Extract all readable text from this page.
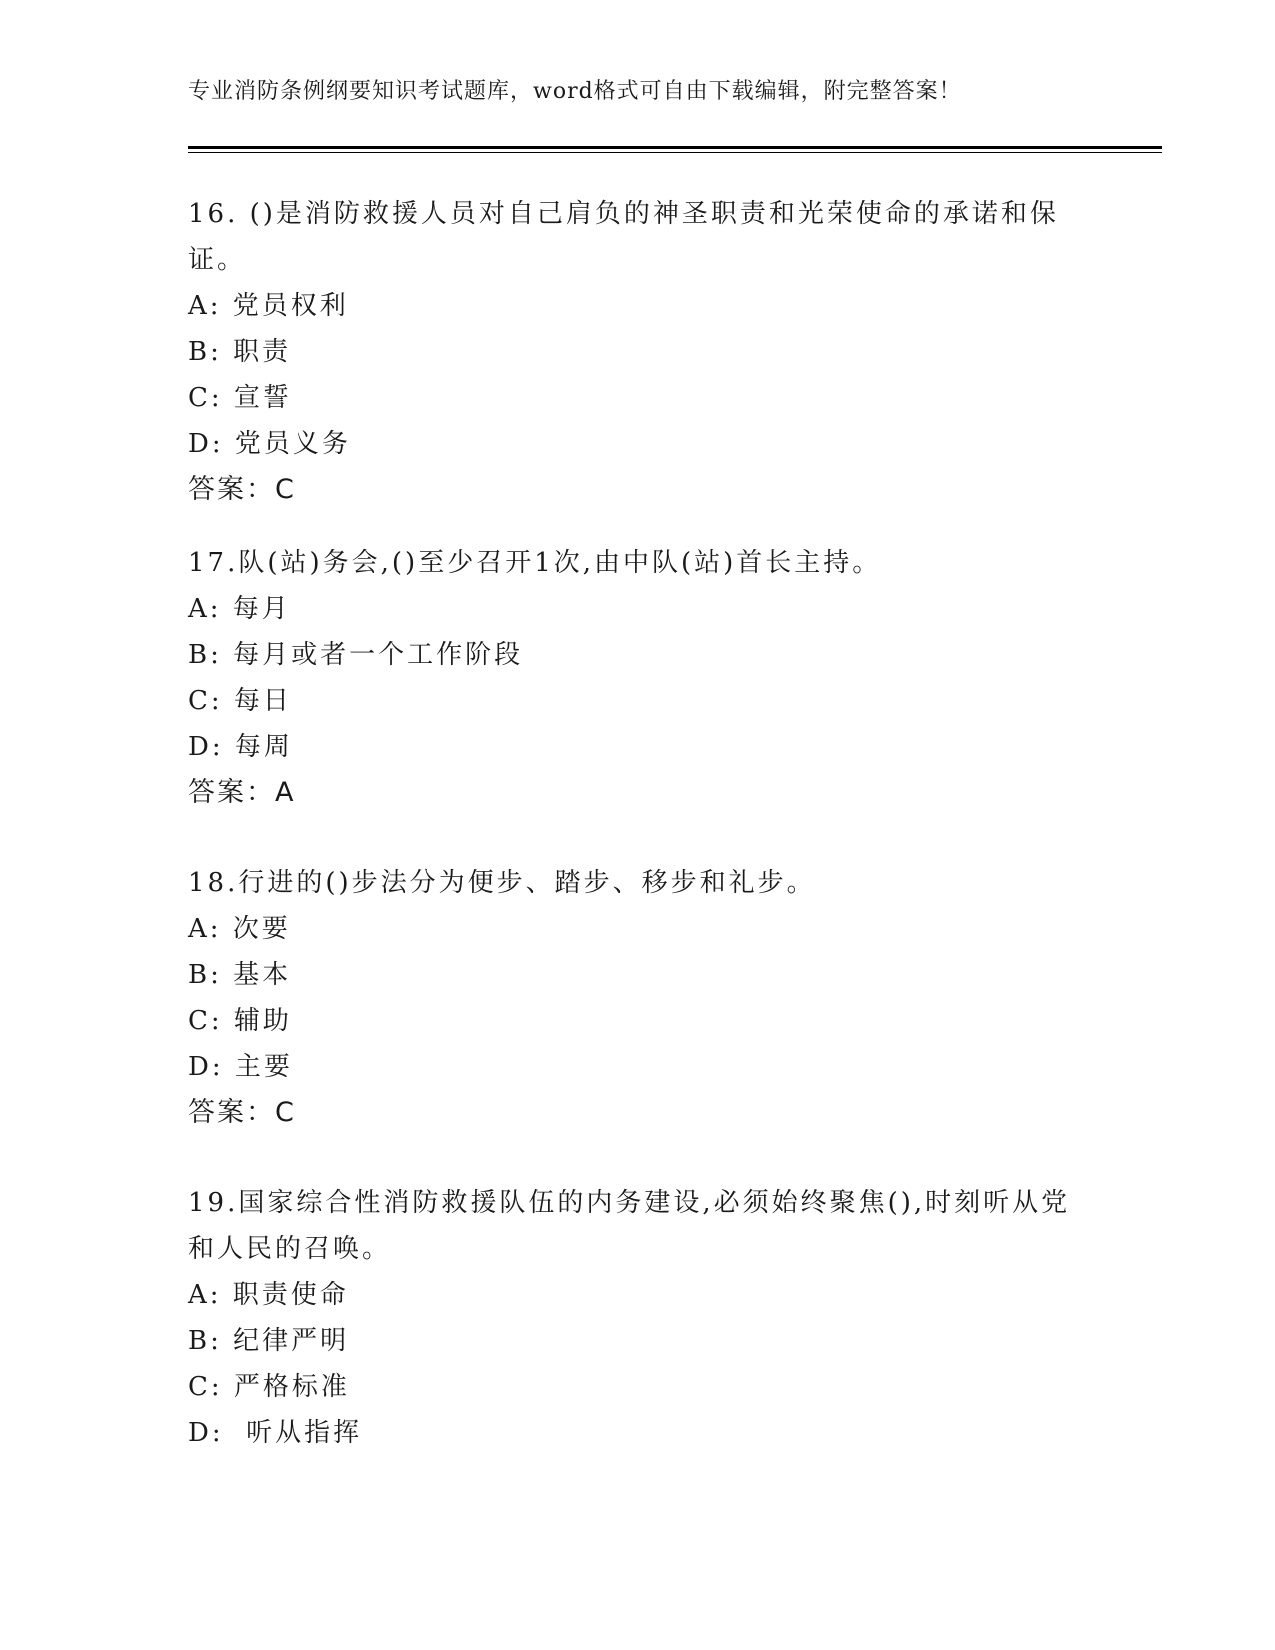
专业消防条例纲要知识考试题库，word格式可自由下载编辑，附完整答案！

16. ()是消防救援人员对自己肩负的神圣职责和光荣使命的承诺和保

证。

A: 党员权利

B: 职责

C: 宣誓

D: 党员义务

答案：C

17.队(站)务会,()至少召开1次,由中队(站)首长主持。

A: 每月

B: 每月或者一个工作阶段

C: 每日

D: 每周

答案：A

18.行进的()步法分为便步、踏步、移步和礼步。

A: 次要

B: 基本

C: 辅助

D: 主要

答案：C

19.国家综合性消防救援队伍的内务建设,必须始终聚焦(),时刻听从党

和人民的召唤。

A: 职责使命

B: 纪律严明

C: 严格标准

D:  听从指挥
